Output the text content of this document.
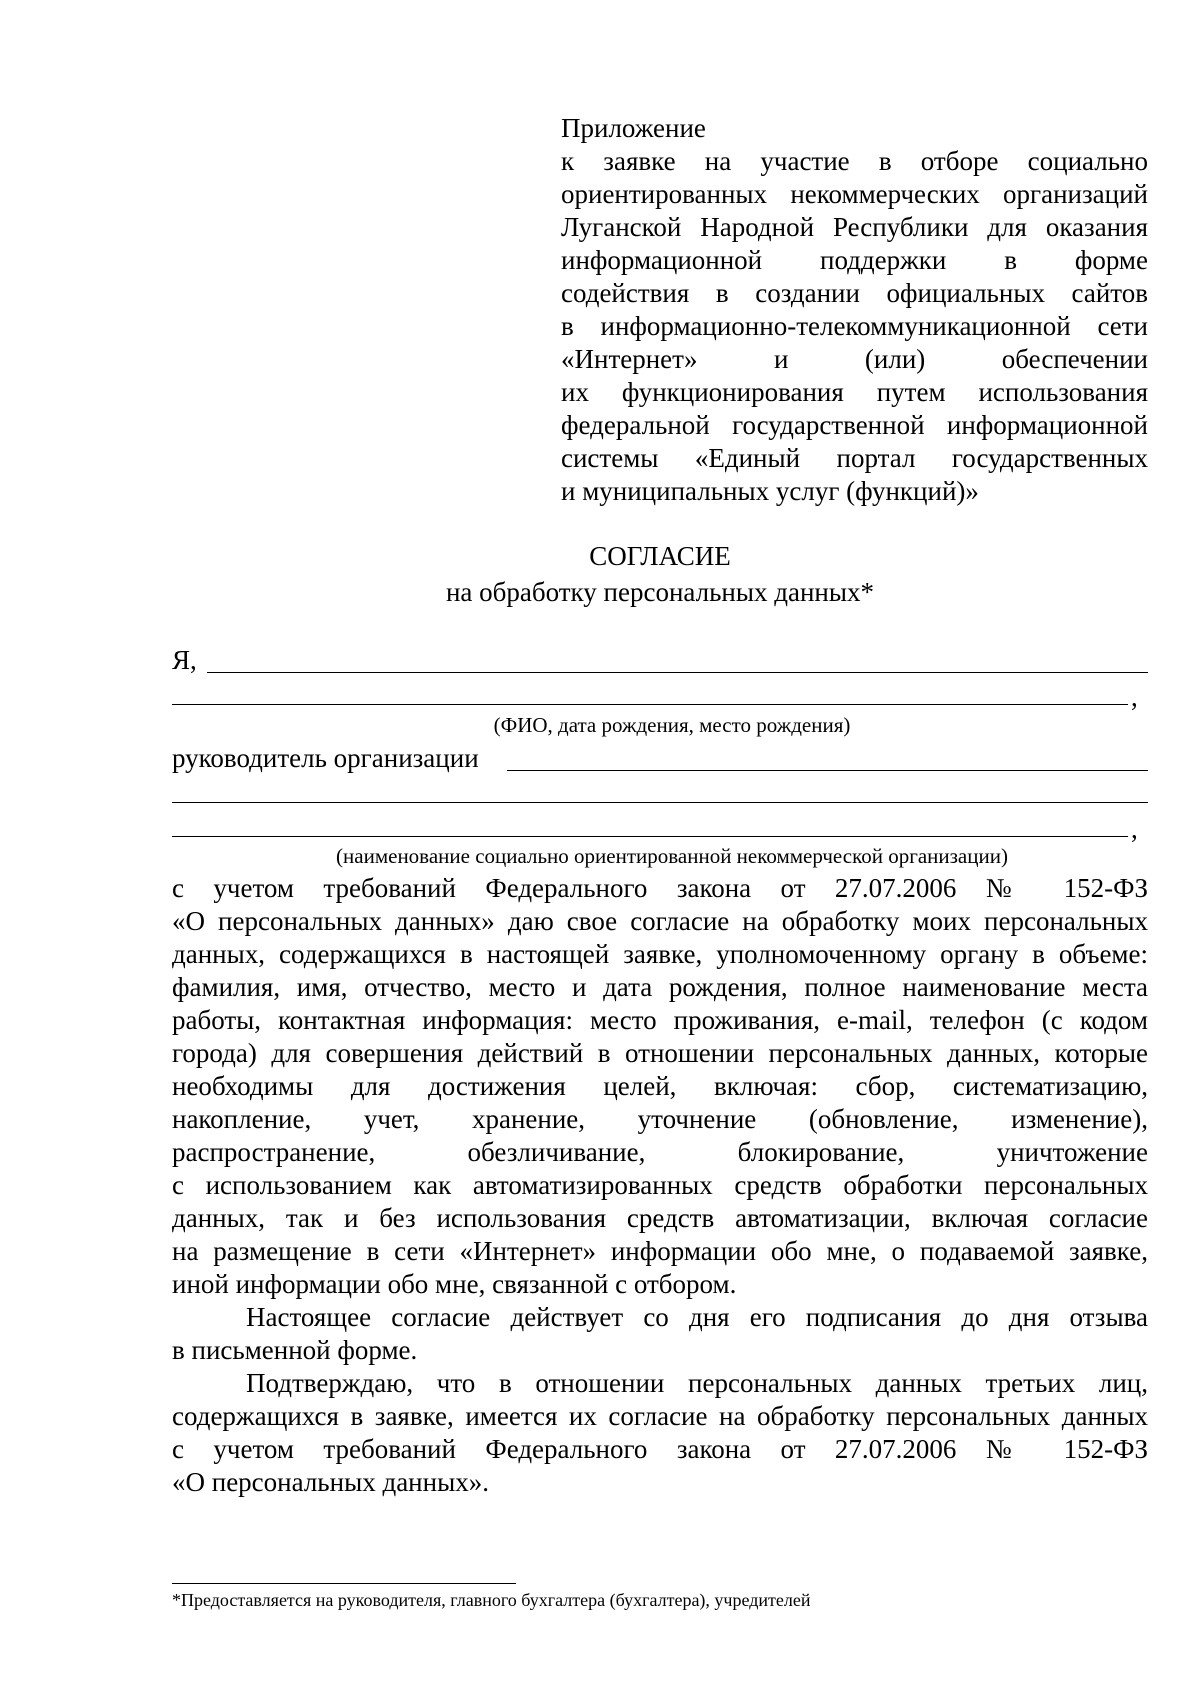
Приложение
к заявке на участие в отборе социально
ориентированных некоммерческих организаций
Луганской Народной Республики для оказания
информационной поддержки в форме
содействия в создании официальных сайтов
в информационно-телекоммуникационной сети
«Интернет» и (или) обеспечении
их функционирования путем использования
федеральной государственной информационной
системы «Единый портал государственных
и муниципальных услуг (функций)»
СОГЛАСИЕ
на обработку персональных данных*
Я,
,
(ФИО, дата рождения, место рождения)
руководитель организации
,
(наименование социально ориентированной некоммерческой организации)
с учетом требований Федерального закона от 27.07.2006 № 152-ФЗ
«О персональных данных» даю свое согласие на обработку моих персональных
данных, содержащихся в настоящей заявке, уполномоченному органу в объеме:
фамилия, имя, отчество, место и дата рождения, полное наименование места
работы, контактная информация: место проживания, e-mail, телефон (с кодом
города) для совершения действий в отношении персональных данных, которые
необходимы для достижения целей, включая: сбор, систематизацию,
накопление, учет, хранение, уточнение (обновление, изменение),
распространение, обезличивание, блокирование, уничтожение
с использованием как автоматизированных средств обработки персональных
данных, так и без использования средств автоматизации, включая согласие
на размещение в сети «Интернет» информации обо мне, о подаваемой заявке,
иной информации обо мне, связанной с отбором.
Настоящее согласие действует со дня его подписания до дня отзыва
в письменной форме.
Подтверждаю, что в отношении персональных данных третьих лиц,
содержащихся в заявке, имеется их согласие на обработку персональных данных
с учетом требований Федерального закона от 27.07.2006 № 152-ФЗ
«О персональных данных».
*Предоставляется на руководителя, главного бухгалтера (бухгалтера), учредителей
